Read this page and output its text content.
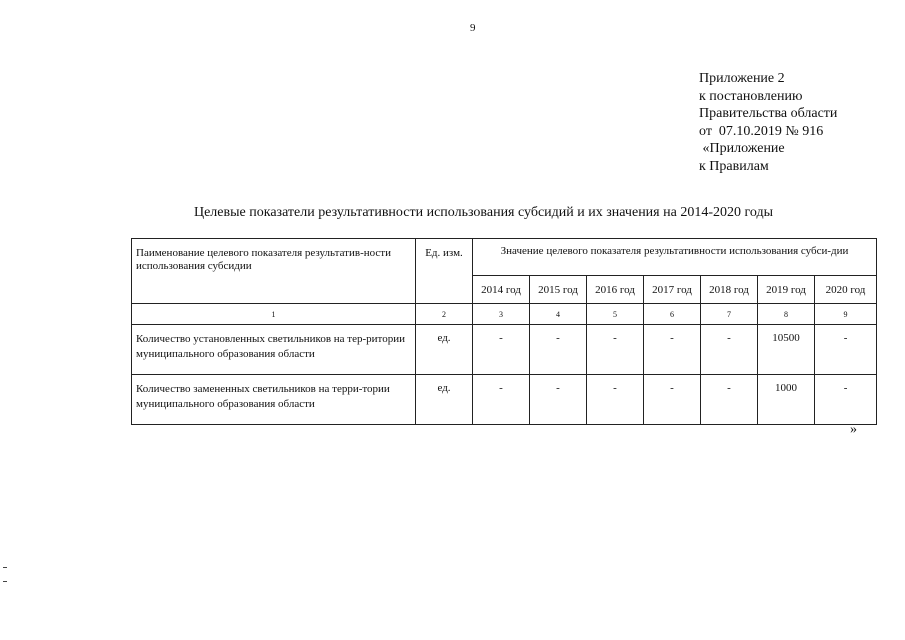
9
Приложение 2
к постановлению
Правительства области
от  07.10.2019 № 916
«Приложение
к Правилам
Целевые показатели результативности использования субсидий и их значения на 2014-2020 годы
Паименование целевого показателя результатив-ности использования субсидии	Ед. изм.	Значение целевого показателя результативности использования субси-дии						
		2014 год	2015 год	2016 год	2017 год	2018 год	2019 год	2020 год
1	2	3	4	5	6	7	8	9
Количество установленных светильников на тер-ритории муниципального образования области	ед.	-	-	-	-	-	10500	-
Количество замененных светильников на терри-тории муниципального образования области	ед.	-	-	-	-	-	1000	-
»
